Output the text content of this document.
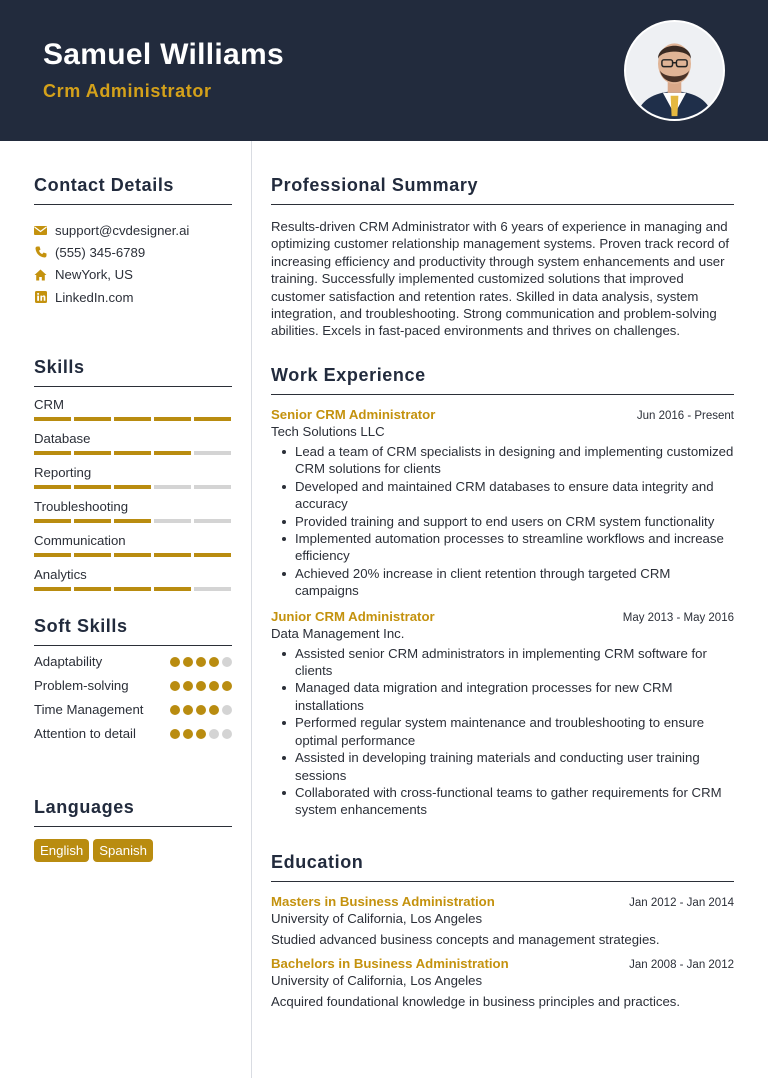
Samuel Williams
Crm Administrator
Contact Details
support@cvdesigner.ai
(555) 345-6789
NewYork, US
LinkedIn.com
Skills
CRM
Database
Reporting
Troubleshooting
Communication
Analytics
Soft Skills
Adaptability
Problem-solving
Time Management
Attention to detail
Languages
English	Spanish
Professional Summary

Results-driven CRM Administrator with 6 years of experience in managing and optimizing customer relationship management systems. Proven track record of increasing efficiency and productivity through system enhancements and user training. Successfully implemented customized solutions that improved customer satisfaction and retention rates. Skilled in data analysis, system integration, and troubleshooting. Strong communication and problem-solving abilities. Excels in fast-paced environments and thrives on challenges.

Work Experience
Senior CRM Administrator	Jun 2016 - Present
Tech Solutions LLC
Lead a team of CRM specialists in designing and implementing customized CRM solutions for clients
Developed and maintained CRM databases to ensure data integrity and accuracy
Provided training and support to end users on CRM system functionality
Implemented automation processes to streamline workflows and increase efficiency
Achieved 20% increase in client retention through targeted CRM campaigns
Junior CRM Administrator	May 2013 - May 2016
Data Management Inc.
Assisted senior CRM administrators in implementing CRM software for clients
Managed data migration and integration processes for new CRM installations
Performed regular system maintenance and troubleshooting to ensure optimal performance
Assisted in developing training materials and conducting user training sessions
Collaborated with cross-functional teams to gather requirements for CRM system enhancements
Education
Masters in Business Administration	Jan 2012 - Jan 2014
University of California, Los Angeles
Studied advanced business concepts and management strategies.
Bachelors in Business Administration	Jan 2008 - Jan 2012
University of California, Los Angeles
Acquired foundational knowledge in business principles and practices.
